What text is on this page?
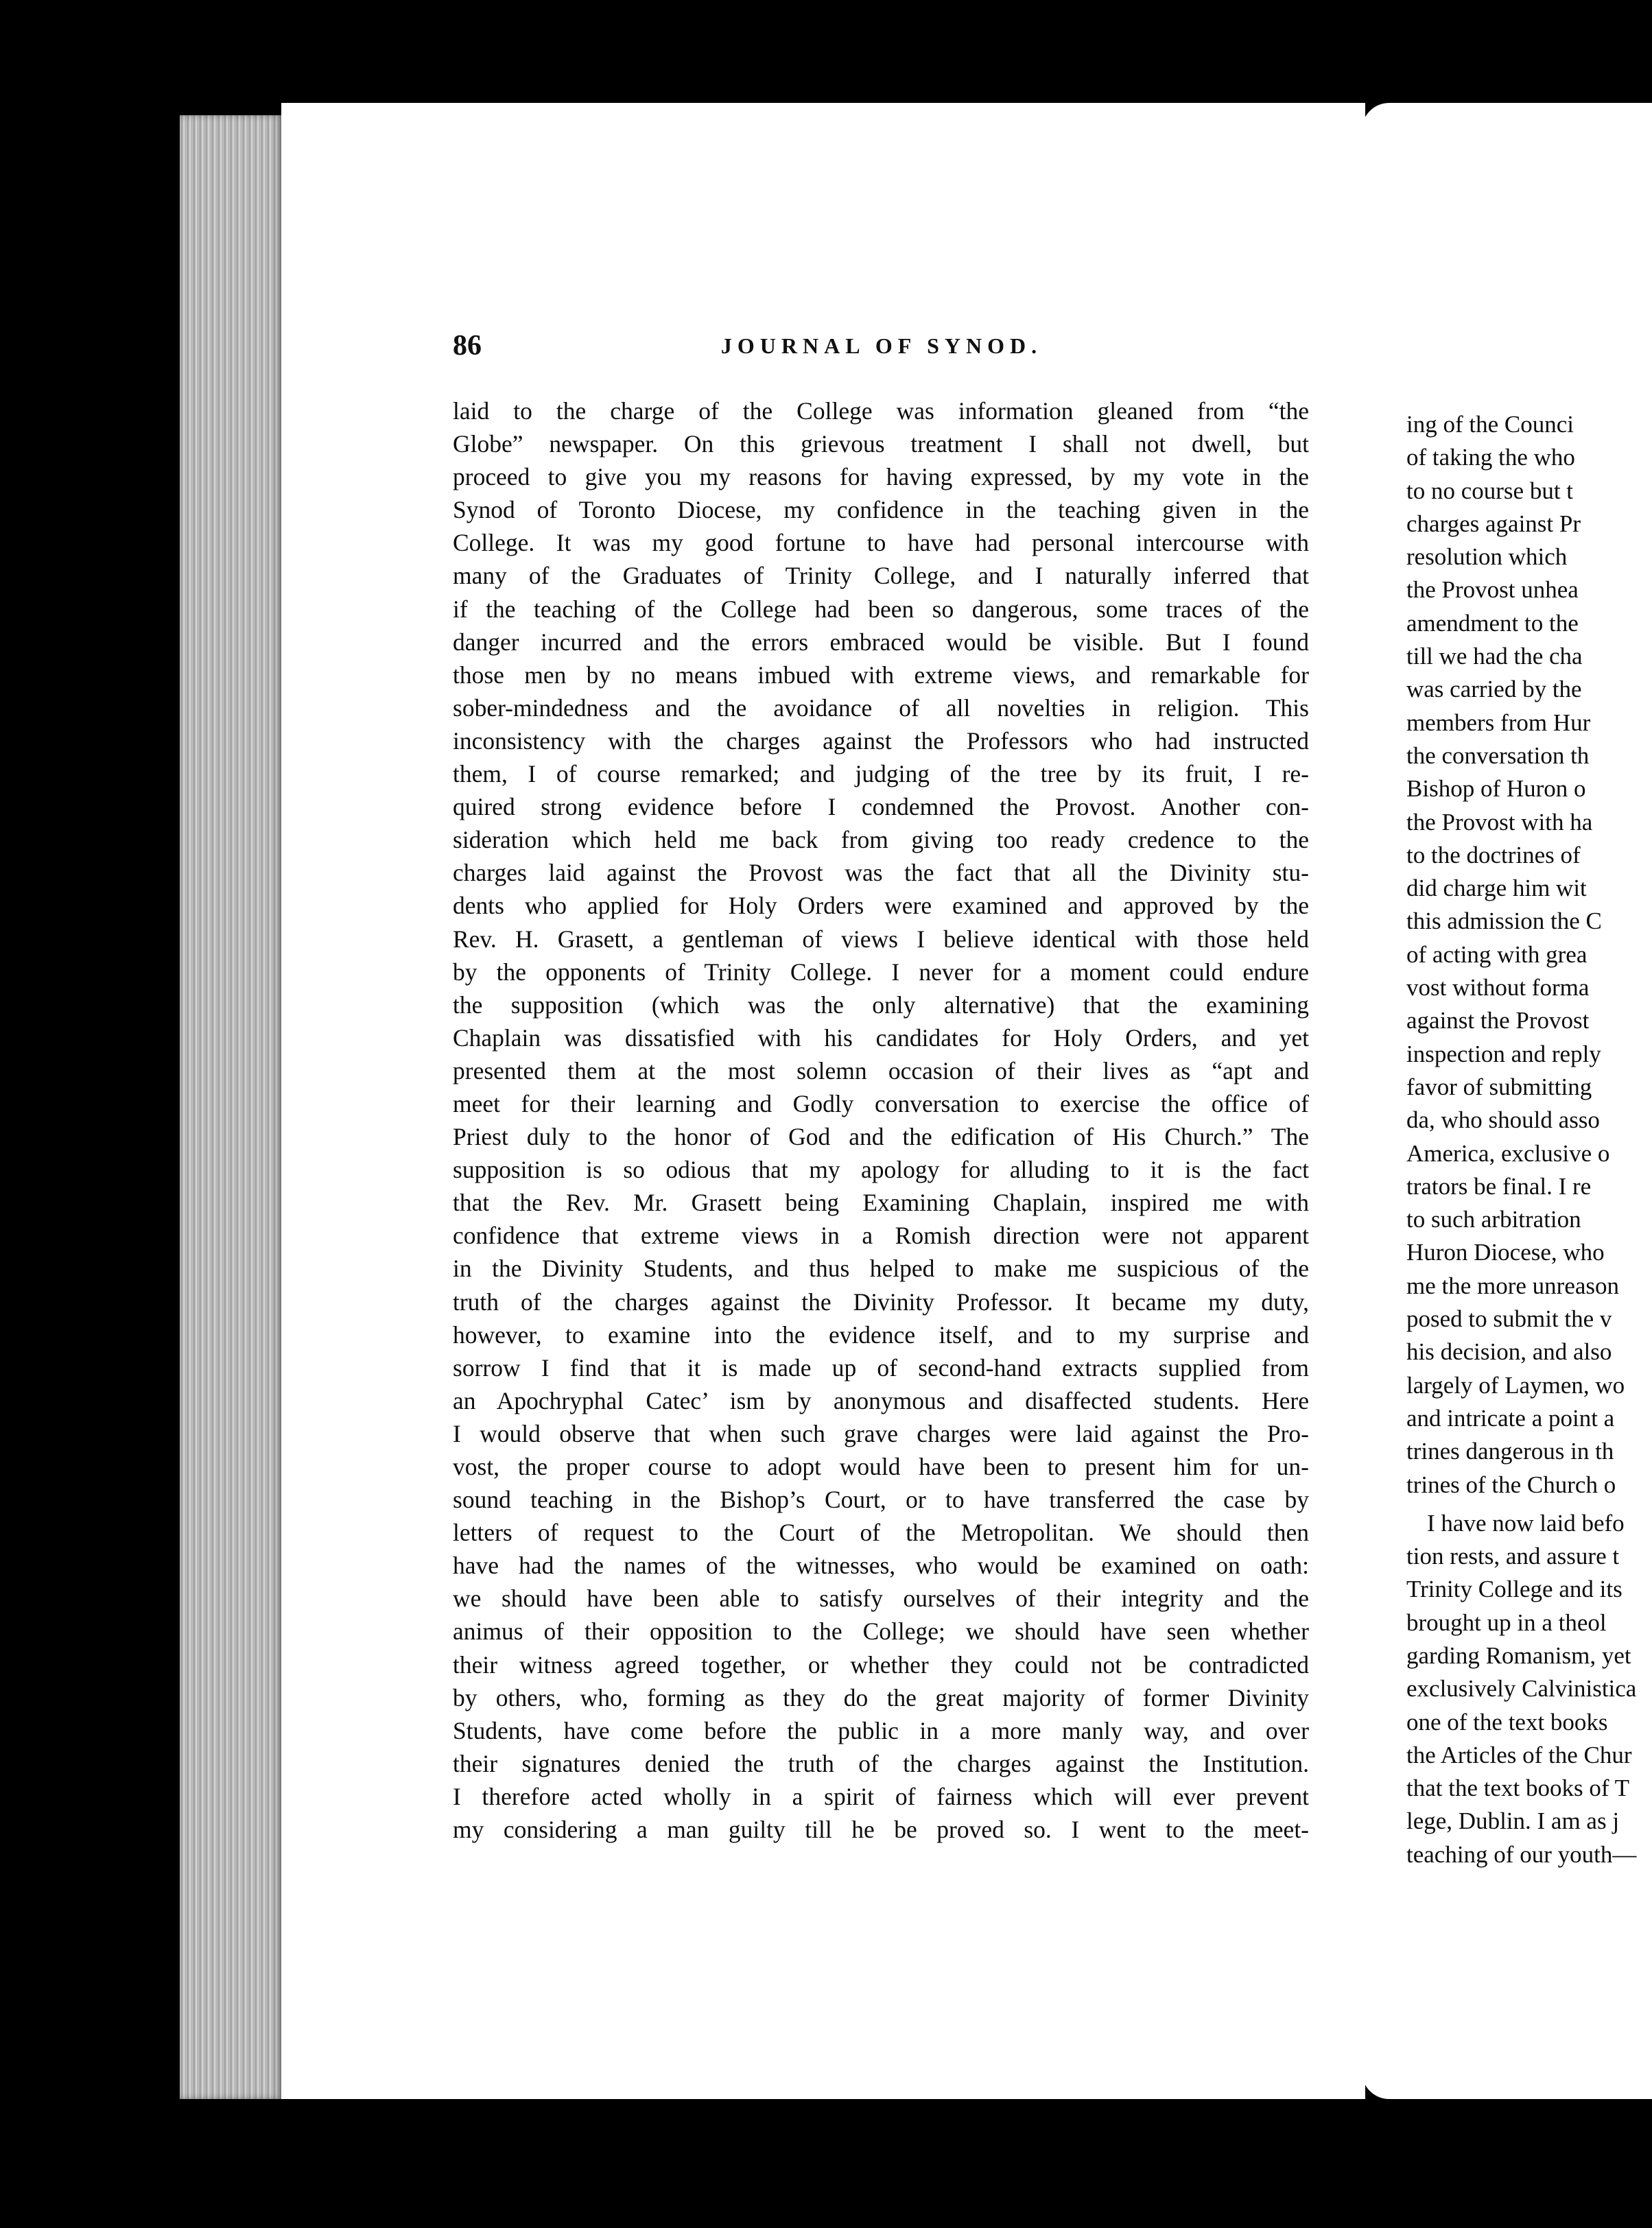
86	JOURNAL OF SYNOD.
laid to the charge of the College was information gleaned from “the
Globe” newspaper. On this grievous treatment I shall not dwell, but
proceed to give you my reasons for having expressed, by my vote in the
Synod of Toronto Diocese, my confidence in the teaching given in the
College. It was my good fortune to have had personal intercourse with
many of the Graduates of Trinity College, and I naturally inferred that
if the teaching of the College had been so dangerous, some traces of the
danger incurred and the errors embraced would be visible. But I found
those men by no means imbued with extreme views, and remarkable for
sober-mindedness and the avoidance of all novelties in religion. This
inconsistency with the charges against the Professors who had instructed
them, I of course remarked; and judging of the tree by its fruit, I re-
quired strong evidence before I condemned the Provost. Another con-
sideration which held me back from giving too ready credence to the
charges laid against the Provost was the fact that all the Divinity stu-
dents who applied for Holy Orders were examined and approved by the
Rev. H. Grasett, a gentleman of views I believe identical with those held
by the opponents of Trinity College. I never for a moment could endure
the supposition (which was the only alternative) that the examining
Chaplain was dissatisfied with his candidates for Holy Orders, and yet
presented them at the most solemn occasion of their lives as “apt and
meet for their learning and Godly conversation to exercise the office of
Priest duly to the honor of God and the edification of His Church.” The
supposition is so odious that my apology for alluding to it is the fact
that the Rev. Mr. Grasett being Examining Chaplain, inspired me with
confidence that extreme views in a Romish direction were not apparent
in the Divinity Students, and thus helped to make me suspicious of the
truth of the charges against the Divinity Professor. It became my duty,
however, to examine into the evidence itself, and to my surprise and
sorrow I find that it is made up of second-hand extracts supplied from
an Apochryphal Catec’ ism by anonymous and disaffected students. Here
I would observe that when such grave charges were laid against the Pro-
vost, the proper course to adopt would have been to present him for un-
sound teaching in the Bishop’s Court, or to have transferred the case by
letters of request to the Court of the Metropolitan. We should then
have had the names of the witnesses, who would be examined on oath:
we should have been able to satisfy ourselves of their integrity and the
animus of their opposition to the College; we should have seen whether
their witness agreed together, or whether they could not be contradicted
by others, who, forming as they do the great majority of former Divinity
Students, have come before the public in a more manly way, and over
their signatures denied the truth of the charges against the Institution.
I therefore acted wholly in a spirit of fairness which will ever prevent
my considering a man guilty till he be proved so. I went to the meet-
ing of the Counci
of taking the who
to no course but t
charges against Pr
resolution which
the Provost unhea
amendment to the
till we had the cha
was carried by the
members from Hur
the conversation th
Bishop of Huron o
the Provost with ha
to the doctrines of
did charge him wit
this admission the C
of acting with grea
vost without forma
against the Provost
inspection and reply
favor of submitting
da, who should asso
America, exclusive o
trators be final. I re
to such arbitration
Huron Diocese, who
me the more unreason
posed to submit the v
his decision, and also
largely of Laymen, wo
and intricate a point a
trines dangerous in th
trines of the Church o
I have now laid befo
tion rests, and assure t
Trinity College and its
brought up in a theol
garding Romanism, yet
exclusively Calvinistica
one of the text books
the Articles of the Chur
that the text books of T
lege, Dublin. I am as j
teaching of our youth—
